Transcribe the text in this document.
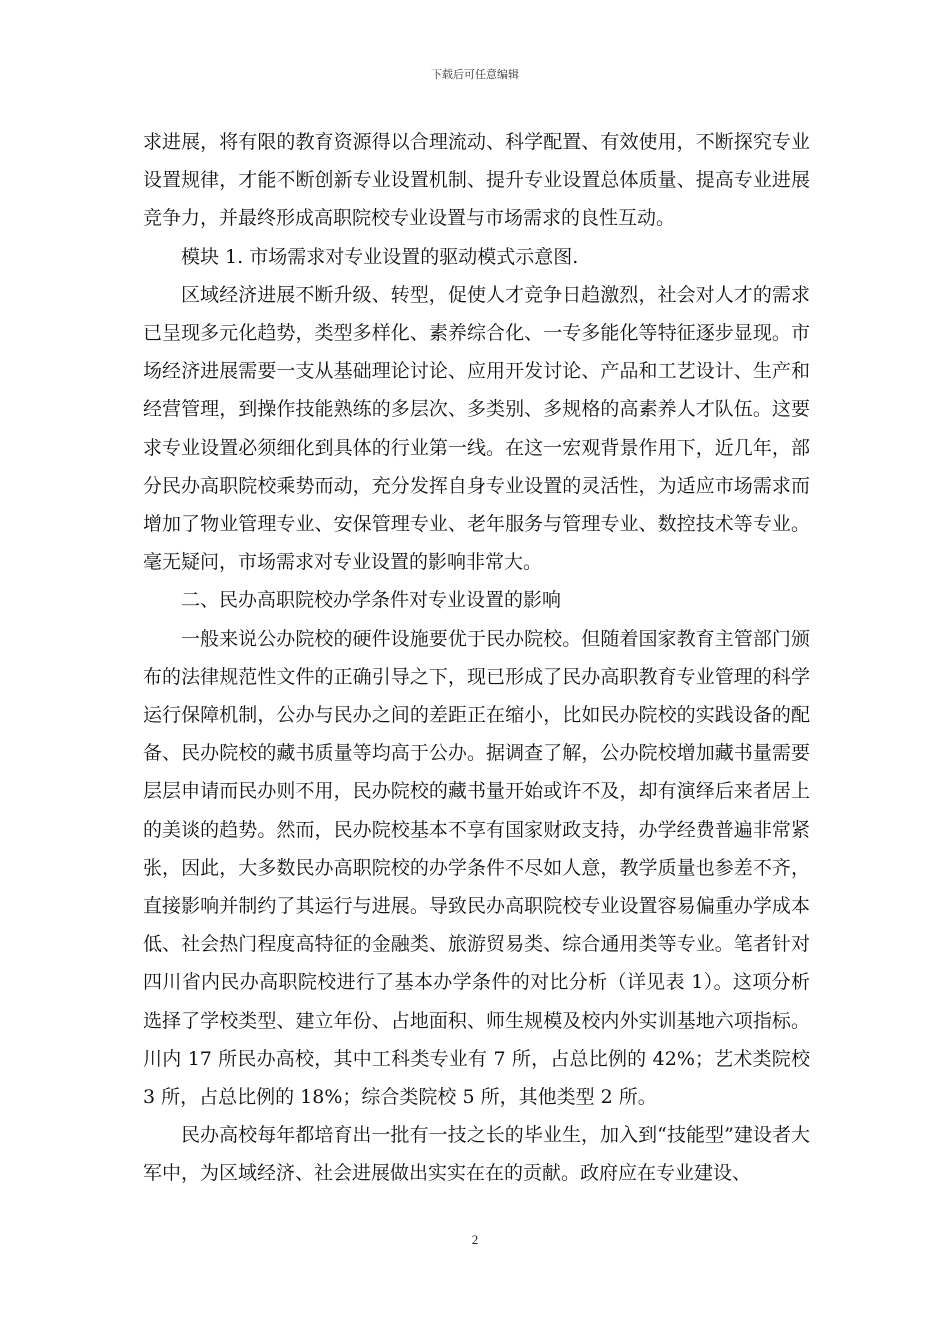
下载后可任意编辑

求进展，将有限的教育资源得以合理流动、科学配置、有效使用，不断探究专业设置规律，才能不断创新专业设置机制、提升专业设置总体质量、提高专业进展竞争力，并最终形成高职院校专业设置与市场需求的良性互动。

模块 1. 市场需求对专业设置的驱动模式示意图.

区域经济进展不断升级、转型，促使人才竞争日趋激烈，社会对人才的需求已呈现多元化趋势，类型多样化、素养综合化、一专多能化等特征逐步显现。市场经济进展需要一支从基础理论讨论、应用开发讨论、产品和工艺设计、生产和经营管理，到操作技能熟练的多层次、多类别、多规格的高素养人才队伍。这要求专业设置必须细化到具体的行业第一线。在这一宏观背景作用下，近几年，部分民办高职院校乘势而动，充分发挥自身专业设置的灵活性，为适应市场需求而增加了物业管理专业、安保管理专业、老年服务与管理专业、数控技术等专业。毫无疑问，市场需求对专业设置的影响非常大。

二、民办高职院校办学条件对专业设置的影响

一般来说公办院校的硬件设施要优于民办院校。但随着国家教育主管部门颁布的法律规范性文件的正确引导之下，现已形成了民办高职教育专业管理的科学运行保障机制，公办与民办之间的差距正在缩小，比如民办院校的实践设备的配备、民办院校的藏书质量等均高于公办。据调查了解，公办院校增加藏书量需要层层申请而民办则不用，民办院校的藏书量开始或许不及，却有演绎后来者居上的美谈的趋势。然而，民办院校基本不享有国家财政支持，办学经费普遍非常紧张，因此，大多数民办高职院校的办学条件不尽如人意，教学质量也参差不齐，直接影响并制约了其运行与进展。导致民办高职院校专业设置容易偏重办学成本低、社会热门程度高特征的金融类、旅游贸易类、综合通用类等专业。笔者针对四川省内民办高职院校进行了基本办学条件的对比分析（详见表 1）。这项分析选择了学校类型、建立年份、占地面积、师生规模及校内外实训基地六项指标。川内 17 所民办高校，其中工科类专业有 7 所，占总比例的 42%；艺术类院校 3 所，占总比例的 18%；综合类院校 5 所，其他类型 2 所。

民办高校每年都培育出一批有一技之长的毕业生，加入到“技能型”建设者大军中，为区域经济、社会进展做出实实在在的贡献。政府应在专业建设、

2
